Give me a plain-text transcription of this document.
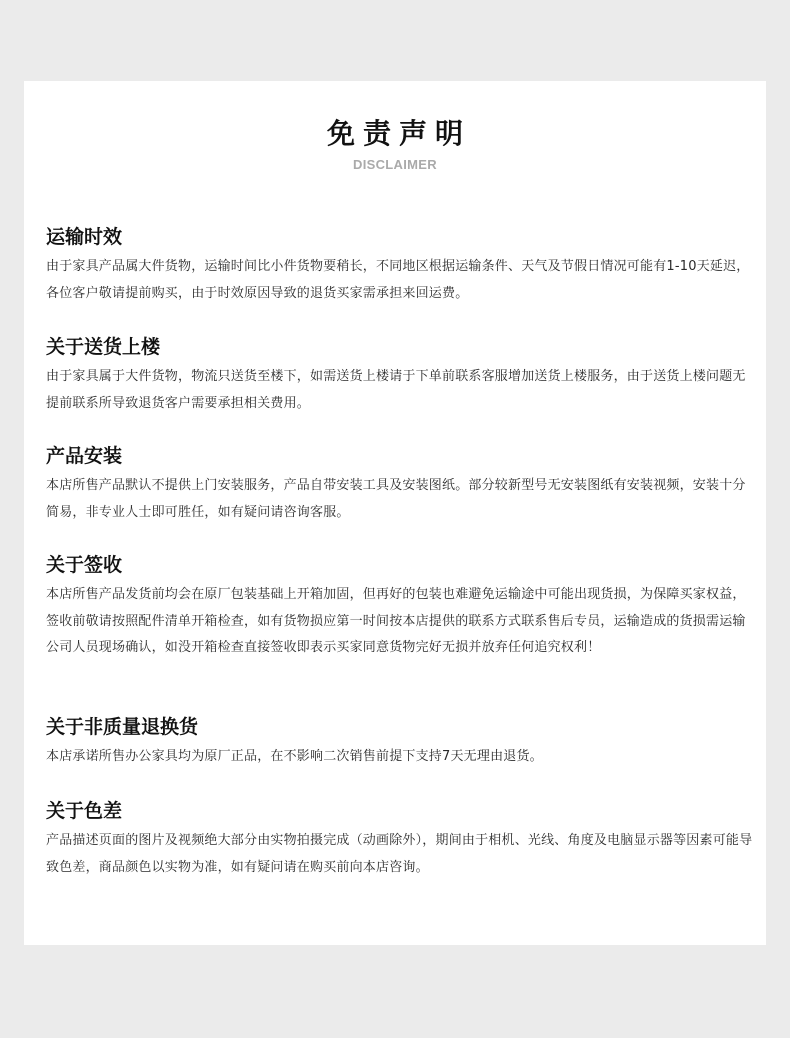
免责声明
DISCLAIMER
运输时效

由于家具产品属大件货物，运输时间比小件货物要稍长，不同地区根据运输条件、天气及节假日情况可能有1-10天延迟，各位客户敬请提前购买，由于时效原因导致的退货买家需承担来回运费。

关于送货上楼

由于家具属于大件货物，物流只送货至楼下，如需送货上楼请于下单前联系客服增加送货上楼服务，由于送货上楼问题无提前联系所导致退货客户需要承担相关费用。

产品安装

本店所售产品默认不提供上门安装服务，产品自带安装工具及安装图纸。部分较新型号无安装图纸有安装视频，安装十分简易，非专业人士即可胜任，如有疑问请咨询客服。

关于签收

本店所售产品发货前均会在原厂包装基础上开箱加固，但再好的包装也难避免运输途中可能出现货损，为保障买家权益，签收前敬请按照配件清单开箱检查，如有货物损应第一时间按本店提供的联系方式联系售后专员，运输造成的货损需运输公司人员现场确认，如没开箱检查直接签收即表示买家同意货物完好无损并放弃任何追究权利！

关于非质量退换货

本店承诺所售办公家具均为原厂正品，在不影响二次销售前提下支持7天无理由退货。

关于色差

产品描述页面的图片及视频绝大部分由实物拍摄完成（动画除外），期间由于相机、光线、角度及电脑显示器等因素可能导致色差，商品颜色以实物为准，如有疑问请在购买前向本店咨询。
